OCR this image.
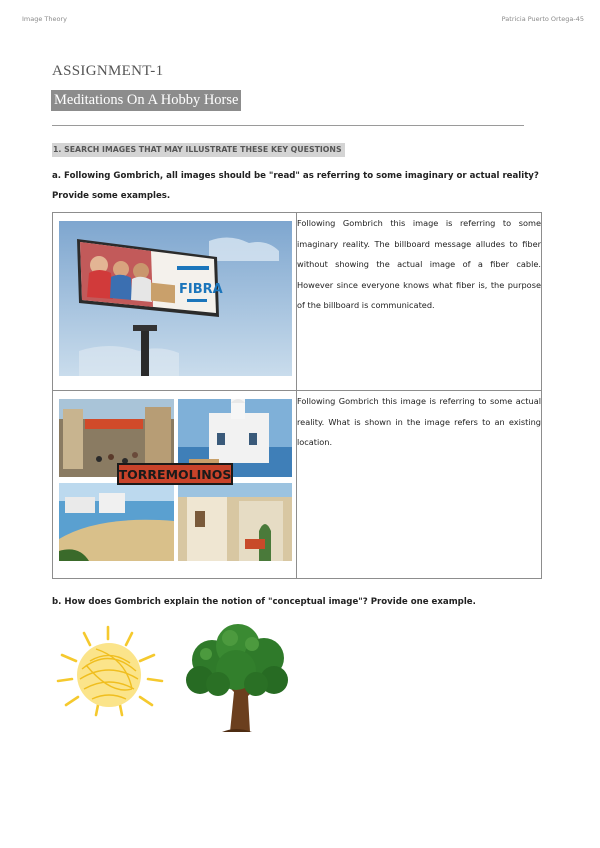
Image Theory	Patricia Puerto Ortega-45
ASSIGNMENT-1
Meditations On A Hobby Horse
1. SEARCH IMAGES THAT MAY ILLUSTRATE THESE KEY QUESTIONS
a. Following Gombrich, all images should be "read" as referring to some imaginary or actual reality? Provide some examples.
FIBRA	Following Gombrich this image is referring to some imaginary reality. The billboard message alludes to fiber without showing the actual image of a fiber cable. However since everyone knows what fiber is, the purpose of the billboard is communicated.

TORREMOLINOS	Following Gombrich this image is referring to some actual reality. What is shown in the image refers to an existing location.
b. How does Gombrich explain the notion of "conceptual image"? Provide one example.
